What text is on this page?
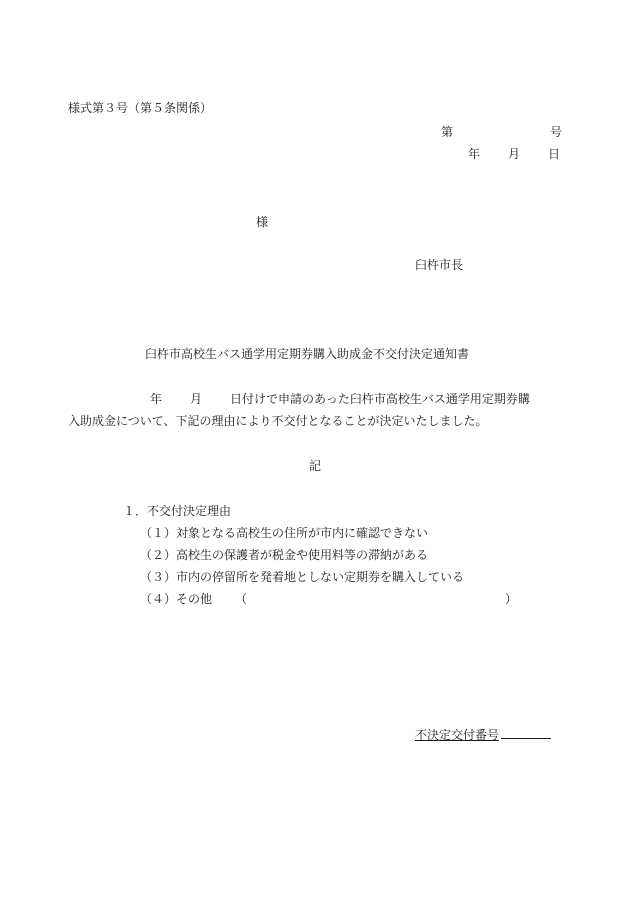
様式第３号（第５条関係）
第	号
年 月 日
様
臼杵市長
臼杵市高校生バス通学用定期券購入助成金不交付決定通知書
年 月 日付けで申請のあった臼杵市高校生バス通学用定期券購
入助成金について、下記の理由により不交付となることが決定いたしました。
記
１．不交付決定理由
（１）対象となる高校生の住所が市内に確認できない
（２）高校生の保護者が税金や使用料等の滞納がある
（３）市内の停留所を発着地としない定期券を購入している
（４）その他 （	）
不決定交付番号
